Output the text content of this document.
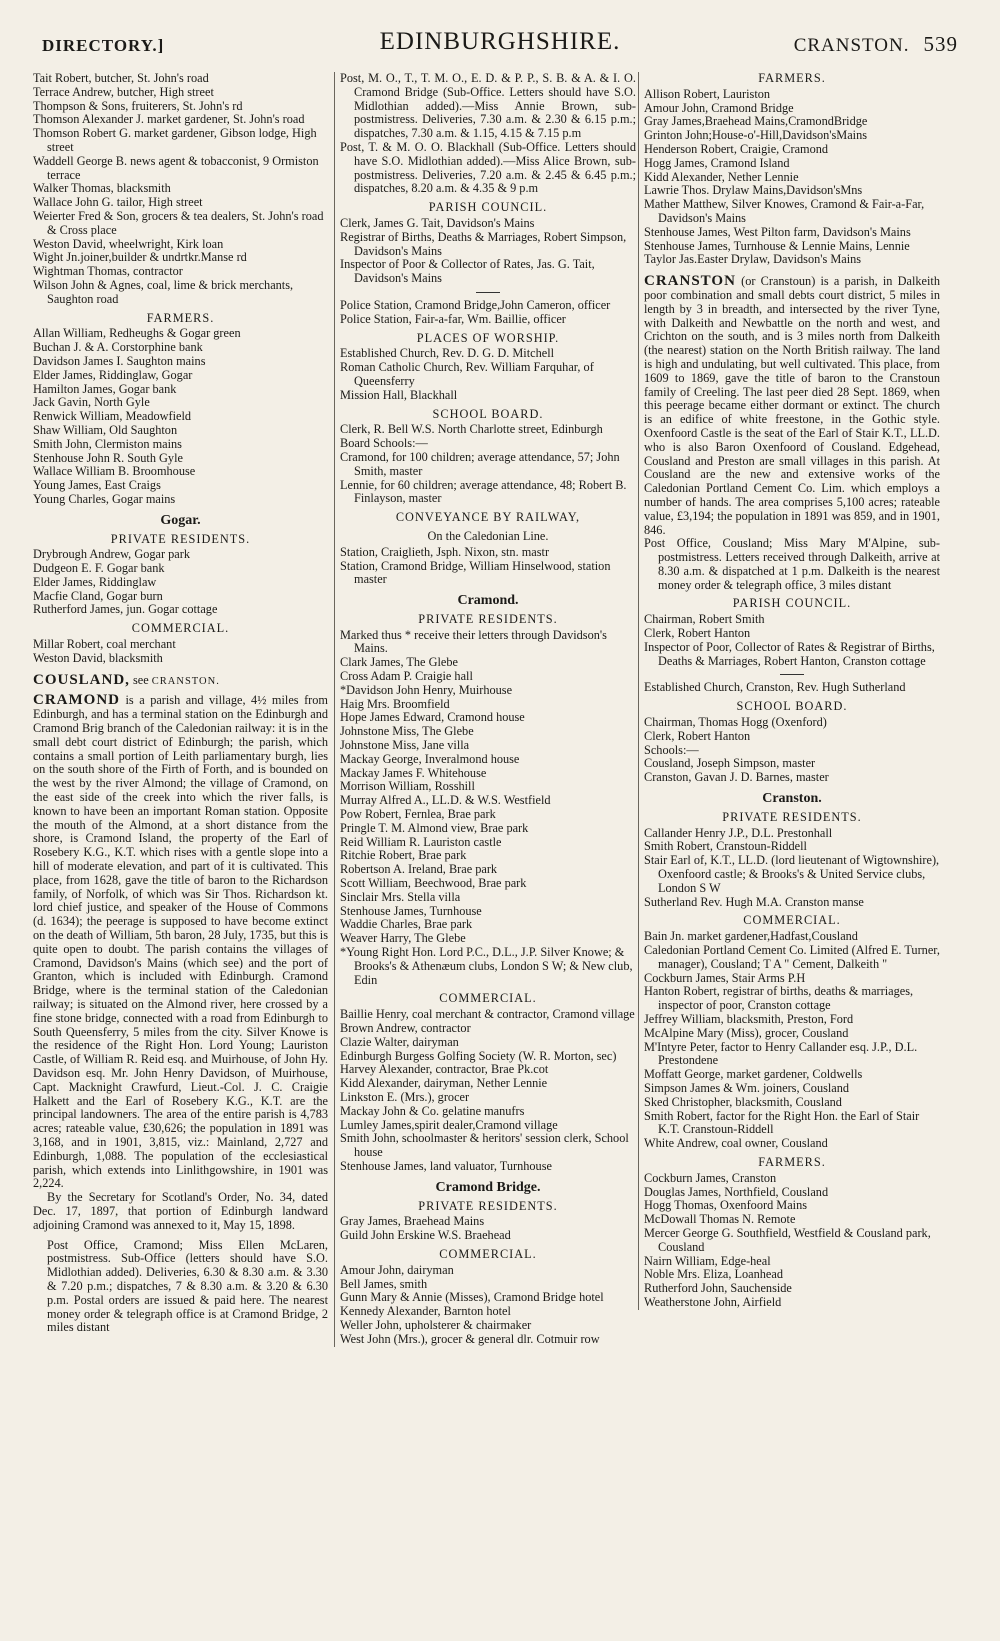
DIRECTORY.]	EDINBURGHSHIRE.	CRANSTON. 539

Tait Robert, butcher, St. John's road

Terrace Andrew, butcher, High street

Thompson & Sons, fruiterers, St. John's rd

Thomson Alexander J. market gardener, St. John's road

Thomson Robert G. market gardener, Gibson lodge, High street

Waddell George B. news agent & tobacconist, 9 Ormiston terrace

Walker Thomas, blacksmith

Wallace John G. tailor, High street

Weierter Fred & Son, grocers & tea dealers, St. John's road & Cross place

Weston David, wheelwright, Kirk loan

Wight Jn.joiner,builder & undrtkr.Manse rd

Wightman Thomas, contractor

Wilson John & Agnes, coal, lime & brick merchants, Saughton road

FARMERS.

Allan William, Redheughs & Gogar green

Buchan J. & A. Corstorphine bank

Davidson James I. Saughton mains

Elder James, Riddinglaw, Gogar

Hamilton James, Gogar bank

Jack Gavin, North Gyle

Renwick William, Meadowfield

Shaw William, Old Saughton

Smith John, Clermiston mains

Stenhouse John R. South Gyle

Wallace William B. Broomhouse

Young James, East Craigs

Young Charles, Gogar mains

Gogar.
PRIVATE RESIDENTS.

Drybrough Andrew, Gogar park

Dudgeon E. F. Gogar bank

Elder James, Riddinglaw

Macfie Cland, Gogar burn

Rutherford James, jun. Gogar cottage

COMMERCIAL.

Millar Robert, coal merchant

Weston David, blacksmith

COUSLAND, see CRANSTON.

CRAMOND is a parish and village, 4½ miles from Edinburgh, and has a terminal station on the Edinburgh and Cramond Brig branch of the Caledonian railway: it is in the small debt court district of Edinburgh; the parish, which contains a small portion of Leith parliamentary burgh, lies on the south shore of the Firth of Forth, and is bounded on the west by the river Almond; the village of Cramond, on the east side of the creek into which the river falls, is known to have been an important Roman station. Opposite the mouth of the Almond, at a short distance from the shore, is Cramond Island, the property of the Earl of Rosebery K.G., K.T. which rises with a gentle slope into a hill of moderate elevation, and part of it is cultivated. This place, from 1628, gave the title of baron to the Richardson family, of Norfolk, of which was Sir Thos. Richardson kt. lord chief justice, and speaker of the House of Commons (d. 1634); the peerage is supposed to have become extinct on the death of William, 5th baron, 28 July, 1735, but this is quite open to doubt. The parish contains the villages of Cramond, Davidson's Mains (which see) and the port of Granton, which is included with Edinburgh. Cramond Bridge, where is the terminal station of the Caledonian railway; is situated on the Almond river, here crossed by a fine stone bridge, connected with a road from Edinburgh to South Queensferry, 5 miles from the city. Silver Knowe is the residence of the Right Hon. Lord Young; Lauriston Castle, of William R. Reid esq. and Muirhouse, of John Hy. Davidson esq. Mr. John Henry Davidson, of Muirhouse, Capt. Macknight Crawfurd, Lieut.-Col. J. C. Craigie Halkett and the Earl of Rosebery K.G., K.T. are the principal landowners. The area of the entire parish is 4,783 acres; rateable value, £30,626; the population in 1891 was 3,168, and in 1901, 3,815, viz.: Mainland, 2,727 and Edinburgh, 1,088. The population of the ecclesiastical parish, which extends into Linlithgowshire, in 1901 was 2,224.

By the Secretary for Scotland's Order, No. 34, dated Dec. 17, 1897, that portion of Edinburgh landward adjoining Cramond was annexed to it, May 15, 1898.

Post Office, Cramond; Miss Ellen McLaren, postmistress. Sub-Office (letters should have S.O. Midlothian added). Deliveries, 6.30 & 8.30 a.m. & 3.30 & 7.20 p.m.; dispatches, 7 & 8.30 a.m. & 3.20 & 6.30 p.m. Postal orders are issued & paid here. The nearest money order & telegraph office is at Cramond Bridge, 2 miles distant

Post, M. O., T., T. M. O., E. D. & P. P., S. B. & A. & I. O. Cramond Bridge (Sub-Office. Letters should have S.O. Midlothian added).—Miss Annie Brown, sub-postmistress. Deliveries, 7.30 a.m. & 2.30 & 6.15 p.m.; dispatches, 7.30 a.m. & 1.15, 4.15 & 7.15 p.m

Post, T. & M. O. O. Blackhall (Sub-Office. Letters should have S.O. Midlothian added).—Miss Alice Brown, sub-postmistress. Deliveries, 7.20 a.m. & 2.45 & 6.45 p.m.; dispatches, 8.20 a.m. & 4.35 & 9 p.m

PARISH COUNCIL.

Clerk, James G. Tait, Davidson's Mains

Registrar of Births, Deaths & Marriages, Robert Simpson, Davidson's Mains

Inspector of Poor & Collector of Rates, Jas. G. Tait, Davidson's Mains

Police Station, Cramond Bridge,John Cameron, officer

Police Station, Fair-a-far, Wm. Baillie, officer

PLACES OF WORSHIP.

Established Church, Rev. D. G. D. Mitchell

Roman Catholic Church, Rev. William Farquhar, of Queensferry

Mission Hall, Blackhall

SCHOOL BOARD.

Clerk, R. Bell W.S. North Charlotte street, Edinburgh

Board Schools:—

Cramond, for 100 children; average attendance, 57; John Smith, master

Lennie, for 60 children; average attendance, 48; Robert B. Finlayson, master

CONVEYANCE BY RAILWAY,
On the Caledonian Line.

Station, Craiglieth, Jsph. Nixon, stn. mastr

Station, Cramond Bridge, William Hinselwood, station master

Cramond.
PRIVATE RESIDENTS.

Marked thus * receive their letters through Davidson's Mains.

Clark James, The Glebe

Cross Adam P. Craigie hall

*Davidson John Henry, Muirhouse

Haig Mrs. Broomfield

Hope James Edward, Cramond house

Johnstone Miss, The Glebe

Johnstone Miss, Jane villa

Mackay George, Inveralmond house

Mackay James F. Whitehouse

Morrison William, Rosshill

Murray Alfred A., LL.D. & W.S. Westfield

Pow Robert, Fernlea, Brae park

Pringle T. M. Almond view, Brae park

Reid William R. Lauriston castle

Ritchie Robert, Brae park

Robertson A. Ireland, Brae park

Scott William, Beechwood, Brae park

Sinclair Mrs. Stella villa

Stenhouse James, Turnhouse

Waddie Charles, Brae park

Weaver Harry, The Glebe

*Young Right Hon. Lord P.C., D.L., J.P. Silver Knowe; & Brooks's & Athenæum clubs, London S W; & New club, Edin

COMMERCIAL.

Baillie Henry, coal merchant & contractor, Cramond village

Brown Andrew, contractor

Clazie Walter, dairyman

Edinburgh Burgess Golfing Society (W. R. Morton, sec)

Harvey Alexander, contractor, Brae Pk.cot

Kidd Alexander, dairyman, Nether Lennie

Linkston E. (Mrs.), grocer

Mackay John & Co. gelatine manufrs

Lumley James,spirit dealer,Cramond village

Smith John, schoolmaster & heritors' session clerk, School house

Stenhouse James, land valuator, Turnhouse

Cramond Bridge.
PRIVATE RESIDENTS.

Gray James, Braehead Mains

Guild John Erskine W.S. Braehead

COMMERCIAL.

Amour John, dairyman

Bell James, smith

Gunn Mary & Annie (Misses), Cramond Bridge hotel

Kennedy Alexander, Barnton hotel

Weller John, upholsterer & chairmaker

West John (Mrs.), grocer & general dlr. Cotmuir row

FARMERS.

Allison Robert, Lauriston

Amour John, Cramond Bridge

Gray James,Braehead Mains,CramondBridge

Grinton John;House-o'-Hill,Davidson'sMains

Henderson Robert, Craigie, Cramond

Hogg James, Cramond Island

Kidd Alexander, Nether Lennie

Lawrie Thos. Drylaw Mains,Davidson'sMns

Mather Matthew, Silver Knowes, Cramond & Fair-a-Far, Davidson's Mains

Stenhouse James, West Pilton farm, Davidson's Mains

Stenhouse James, Turnhouse & Lennie Mains, Lennie

Taylor Jas.Easter Drylaw, Davidson's Mains

CRANSTON (or Cranstoun) is a parish, in Dalkeith poor combination and small debts court district, 5 miles in length by 3 in breadth, and intersected by the river Tyne, with Dalkeith and Newbattle on the north and west, and Crichton on the south, and is 3 miles north from Dalkeith (the nearest) station on the North British railway. The land is high and undulating, but well cultivated. This place, from 1609 to 1869, gave the title of baron to the Cranstoun family of Creeling. The last peer died 28 Sept. 1869, when this peerage became either dormant or extinct. The church is an edifice of white freestone, in the Gothic style. Oxenfoord Castle is the seat of the Earl of Stair K.T., LL.D. who is also Baron Oxenfoord of Cousland. Edgehead, Cousland and Preston are small villages in this parish. At Cousland are the new and extensive works of the Caledonian Portland Cement Co. Lim. which employs a number of hands. The area comprises 5,100 acres; rateable value, £3,194; the population in 1891 was 859, and in 1901, 846.

Post Office, Cousland; Miss Mary M'Alpine, sub-postmistress. Letters received through Dalkeith, arrive at 8.30 a.m. & dispatched at 1 p.m. Dalkeith is the nearest money order & telegraph office, 3 miles distant

PARISH COUNCIL.

Chairman, Robert Smith

Clerk, Robert Hanton

Inspector of Poor, Collector of Rates & Registrar of Births, Deaths & Marriages, Robert Hanton, Cranston cottage

Established Church, Cranston, Rev. Hugh Sutherland

SCHOOL BOARD.

Chairman, Thomas Hogg (Oxenford)

Clerk, Robert Hanton

Schools:—

Cousland, Joseph Simpson, master

Cranston, Gavan J. D. Barnes, master

Cranston.
PRIVATE RESIDENTS.

Callander Henry J.P., D.L. Prestonhall

Smith Robert, Cranstoun-Riddell

Stair Earl of, K.T., LL.D. (lord lieutenant of Wigtownshire), Oxenfoord castle; & Brooks's & United Service clubs, London S W

Sutherland Rev. Hugh M.A. Cranston manse

COMMERCIAL.

Bain Jn. market gardener,Hadfast,Cousland

Caledonian Portland Cement Co. Limited (Alfred E. Turner, manager), Cousland; T A " Cement, Dalkeith "

Cockburn James, Stair Arms P.H

Hanton Robert, registrar of births, deaths & marriages, inspector of poor, Cranston cottage

Jeffrey William, blacksmith, Preston, Ford

McAlpine Mary (Miss), grocer, Cousland

M'Intyre Peter, factor to Henry Callander esq. J.P., D.L. Prestondene

Moffatt George, market gardener, Coldwells

Simpson James & Wm. joiners, Cousland

Sked Christopher, blacksmith, Cousland

Smith Robert, factor for the Right Hon. the Earl of Stair K.T. Cranstoun-Riddell

White Andrew, coal owner, Cousland

FARMERS.

Cockburn James, Cranston

Douglas James, Northfield, Cousland

Hogg Thomas, Oxenfoord Mains

McDowall Thomas N. Remote

Mercer George G. Southfield, Westfield & Cousland park, Cousland

Nairn William, Edge-heal

Noble Mrs. Eliza, Loanhead

Rutherford John, Sauchenside

Weatherstone John, Airfield
